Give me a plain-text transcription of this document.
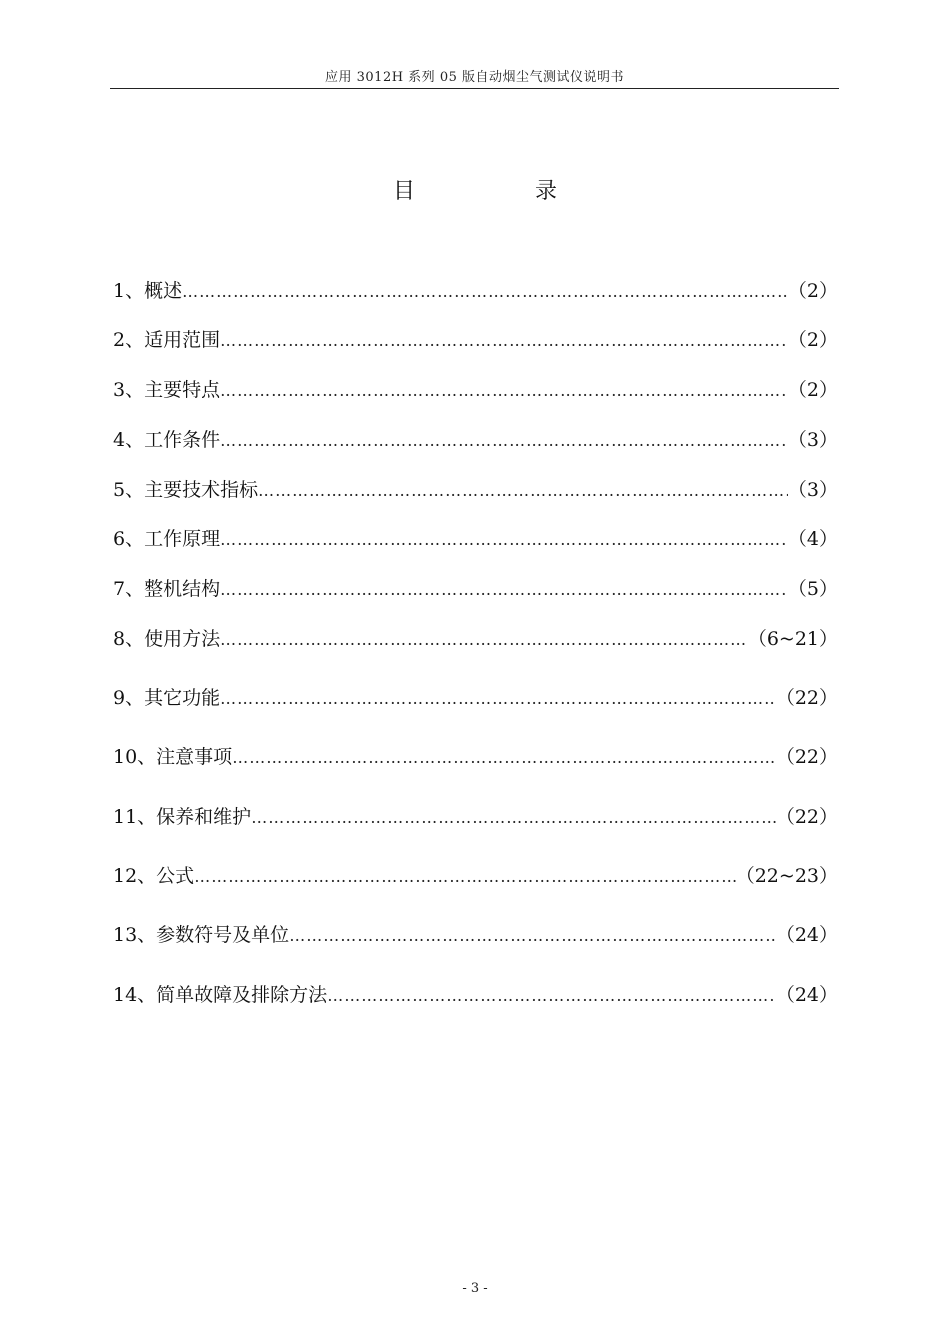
应用 3012H 系列 05 版自动烟尘气测试仪说明书
目	录
1、概述 ……………………………………………………………………………………………………………………………………………………………………………………	（2）
2、适用范围 ……………………………………………………………………………………………………………………………………………………………………………………	（2）
3、主要特点 ……………………………………………………………………………………………………………………………………………………………………………………	（2）
4、工作条件 ……………………………………………………………………………………………………………………………………………………………………………………	（3）
5、主要技术指标 ……………………………………………………………………………………………………………………………………………………………………………………	（3）
6、工作原理 ……………………………………………………………………………………………………………………………………………………………………………………	（4）
7、整机结构 ……………………………………………………………………………………………………………………………………………………………………………………	（5）
8、使用方法 ……………………………………………………………………………………………………………………………………………………………………………………	（6~21）
9、其它功能 ……………………………………………………………………………………………………………………………………………………………………………………	（22）
10、注意事项 ……………………………………………………………………………………………………………………………………………………………………………………	（22）
11、保养和维护 ……………………………………………………………………………………………………………………………………………………………………………………	（22）
12、公式 ……………………………………………………………………………………………………………………………………………………………………………………	（22~23）
13、参数符号及单位 ……………………………………………………………………………………………………………………………………………………………………………………	（24）
14、简单故障及排除方法 ……………………………………………………………………………………………………………………………………………………………………………………	（24）
- 3 -
